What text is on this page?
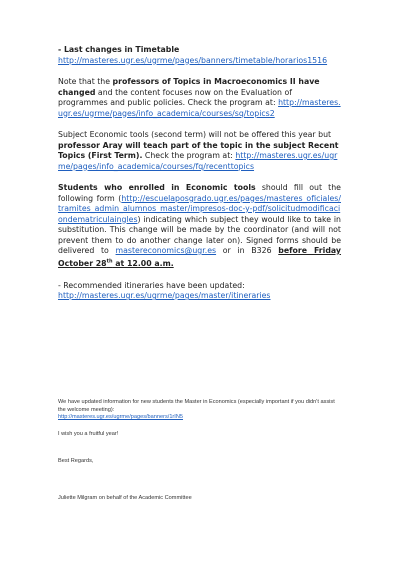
- Last changes in Timetable
http://masteres.ugr.es/ugrme/pages/banners/timetable/horarios1516

Note that the professors of Topics in Macroeconomics II have changed and the content focuses now on the Evaluation of programmes and public policies. Check the program at: http://masteres.ugr.es/ugrme/pages/info_academica/courses/sq/topics2

Subject Economic tools (second term) will not be offered this year but professor Aray will teach part of the topic in the subject Recent Topics (First Term). Check the program at: http://masteres.ugr.es/ugrme/pages/info_academica/courses/fq/recenttopics

Students who enrolled in Economic tools should fill out the following form (http://escuelaposgrado.ugr.es/pages/masteres_oficiales/tramites_admin_alumnos_master/impresos-doc-y-pdf/solicitudmodificaciondematriculaingles) indicating which subject they would like to take in substitution. This change will be made by the coordinator (and will not prevent them to do another change later on). Signed forms should be delivered to mastereconomics@ugr.es or in B326 before Friday October 28th at 12.00 a.m.

- Recommended itineraries have been updated:
http://masteres.ugr.es/ugrme/pages/master/itineraries

We have updated information for new students the Master in Economics (especially important if you didn't assist the welcome meeting):

http://masteres.ugr.es/ugrme/pages/banners/1rIN5

I wish you a fruitful year!

Best Regards,

Juliette Milgram on behalf of the Academic Committee
